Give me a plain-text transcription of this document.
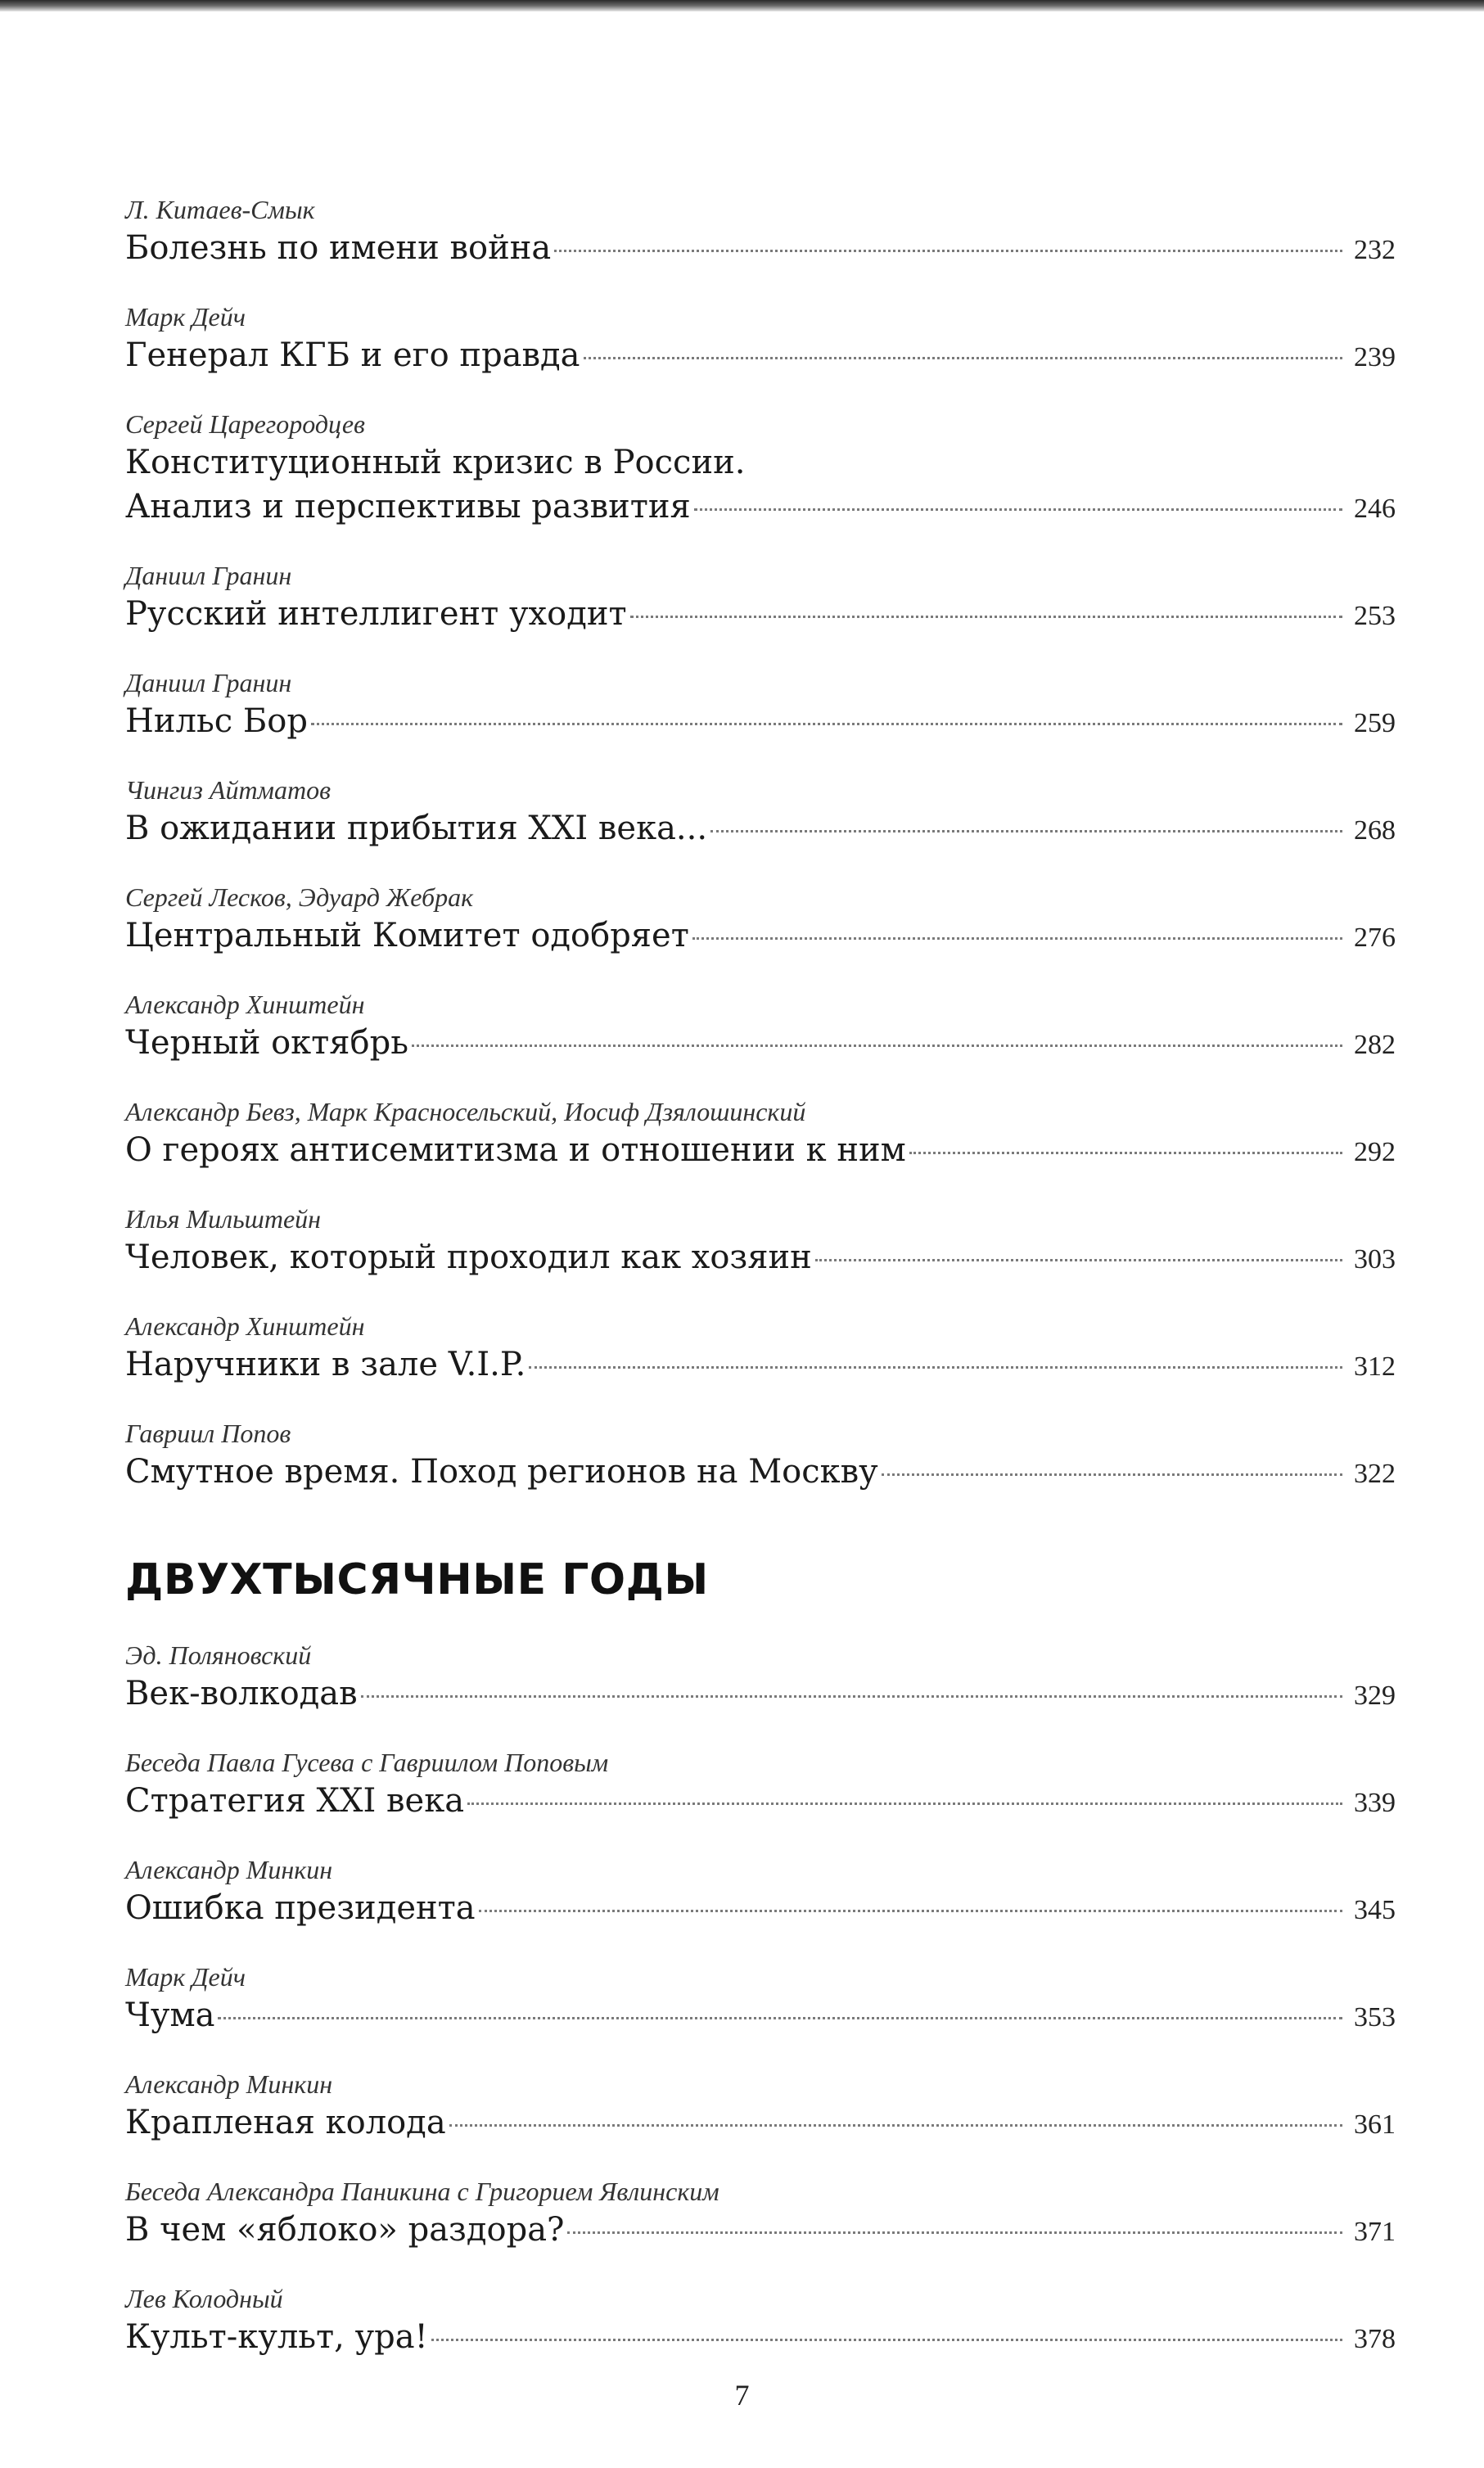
Л. Китаев-Смык
Болезнь по имени война	232
Марк Дейч
Генерал КГБ и его правда	239
Сергей Царегородцев
Конституционный кризис в России.
Анализ и перспективы развития	246
Даниил Гранин
Русский интеллигент уходит	253
Даниил Гранин
Нильс Бор	259
Чингиз Айтматов
В ожидании прибытия XXI века...	268
Сергей Лесков, Эдуард Жебрак
Центральный Комитет одобряет	276
Александр Хинштейн
Черный октябрь	282
Александр Бевз, Марк Красносельский, Иосиф Дзялошинский
О героях антисемитизма и отношении к ним	292
Илья Мильштейн
Человек, который проходил как хозяин	303
Александр Хинштейн
Наручники в зале V.I.P.	312
Гавриил Попов
Смутное время. Поход регионов на Москву	322
ДВУХТЫСЯЧНЫЕ ГОДЫ
Эд. Поляновский
Век-волкодав	329
Беседа Павла Гусева с Гавриилом Поповым
Стратегия XXI века	339
Александр Минкин
Ошибка президента	345
Марк Дейч
Чума	353
Александр Минкин
Крапленая колода	361
Беседа Александра Паникина с Григорием Явлинским
В чем «яблоко» раздора?	371
Лев Колодный
Культ-культ, ура!	378
7
